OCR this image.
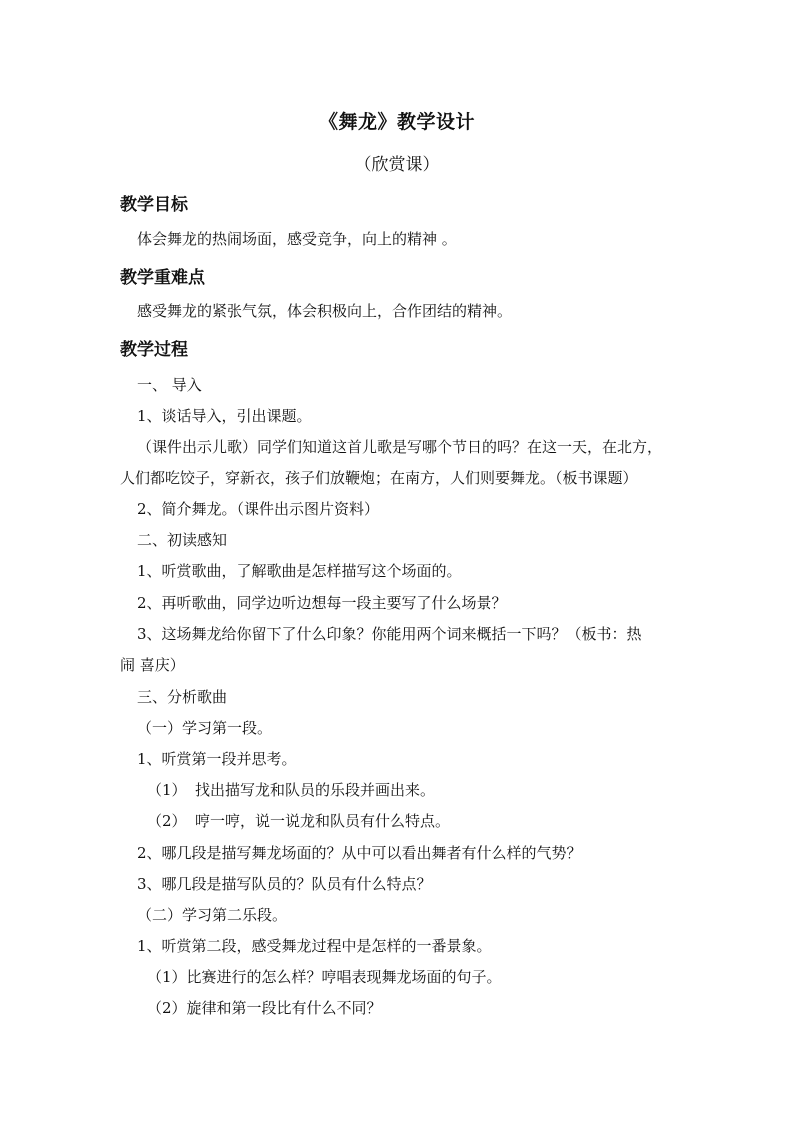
《舞龙》教学设计
（欣赏课）
教学目标
体会舞龙的热闹场面，感受竞争，向上的精神 。
教学重难点
感受舞龙的紧张气氛，体会积极向上，合作团结的精神。
教学过程
一、 导入
1、谈话导入，引出课题。
（课件出示儿歌）同学们知道这首儿歌是写哪个节日的吗？在这一天，在北方，
人们都吃饺子，穿新衣，孩子们放鞭炮；在南方，人们则要舞龙。（板书课题）
2、简介舞龙。（课件出示图片资料）
二、初读感知
1、听赏歌曲，了解歌曲是怎样描写这个场面的。
2、再听歌曲，同学边听边想每一段主要写了什么场景？
3、这场舞龙给你留下了什么印象？你能用两个词来概括一下吗？（板书：热
闹 喜庆）
三、分析歌曲
（一）学习第一段。
1、听赏第一段并思考。
（1） 找出描写龙和队员的乐段并画出来。
（2） 哼一哼，说一说龙和队员有什么特点。
2、哪几段是描写舞龙场面的？从中可以看出舞者有什么样的气势？
3、哪几段是描写队员的？队员有什么特点？
（二）学习第二乐段。
1、听赏第二段，感受舞龙过程中是怎样的一番景象。
（1）比赛进行的怎么样？哼唱表现舞龙场面的句子。
（2）旋律和第一段比有什么不同？
